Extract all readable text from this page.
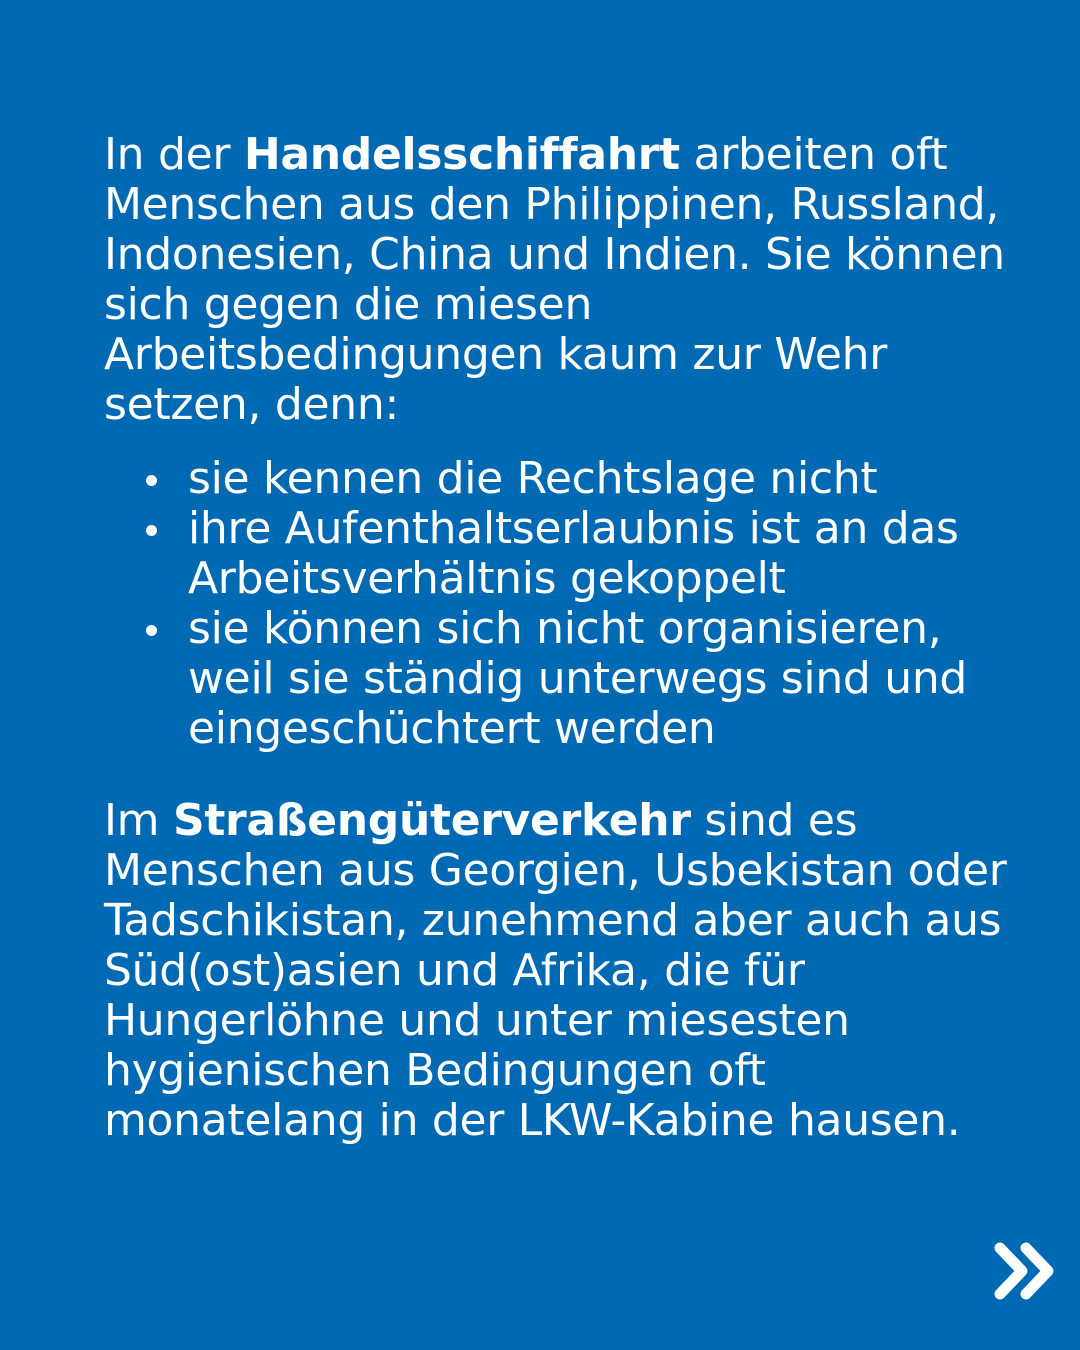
In der Handelsschiffahrt arbeiten oft Menschen aus den Philippinen, Russland, Indonesien, China und Indien. Sie können sich gegen die miesen Arbeitsbedingungen kaum zur Wehr setzen, denn:

sie kennen die Rechtslage nicht
ihre Aufenthaltserlaubnis ist an das Arbeitsverhältnis gekoppelt
sie können sich nicht organisieren, weil sie ständig unterwegs sind und eingeschüchtert werden

Im Straßengüterverkehr sind es Menschen aus Georgien, Usbekistan oder Tadschikistan, zunehmend aber auch aus Süd(ost)asien und Afrika, die für Hungerlöhne und unter miesesten hygienischen Bedingungen oft monatelang in der LKW-Kabine hausen.
